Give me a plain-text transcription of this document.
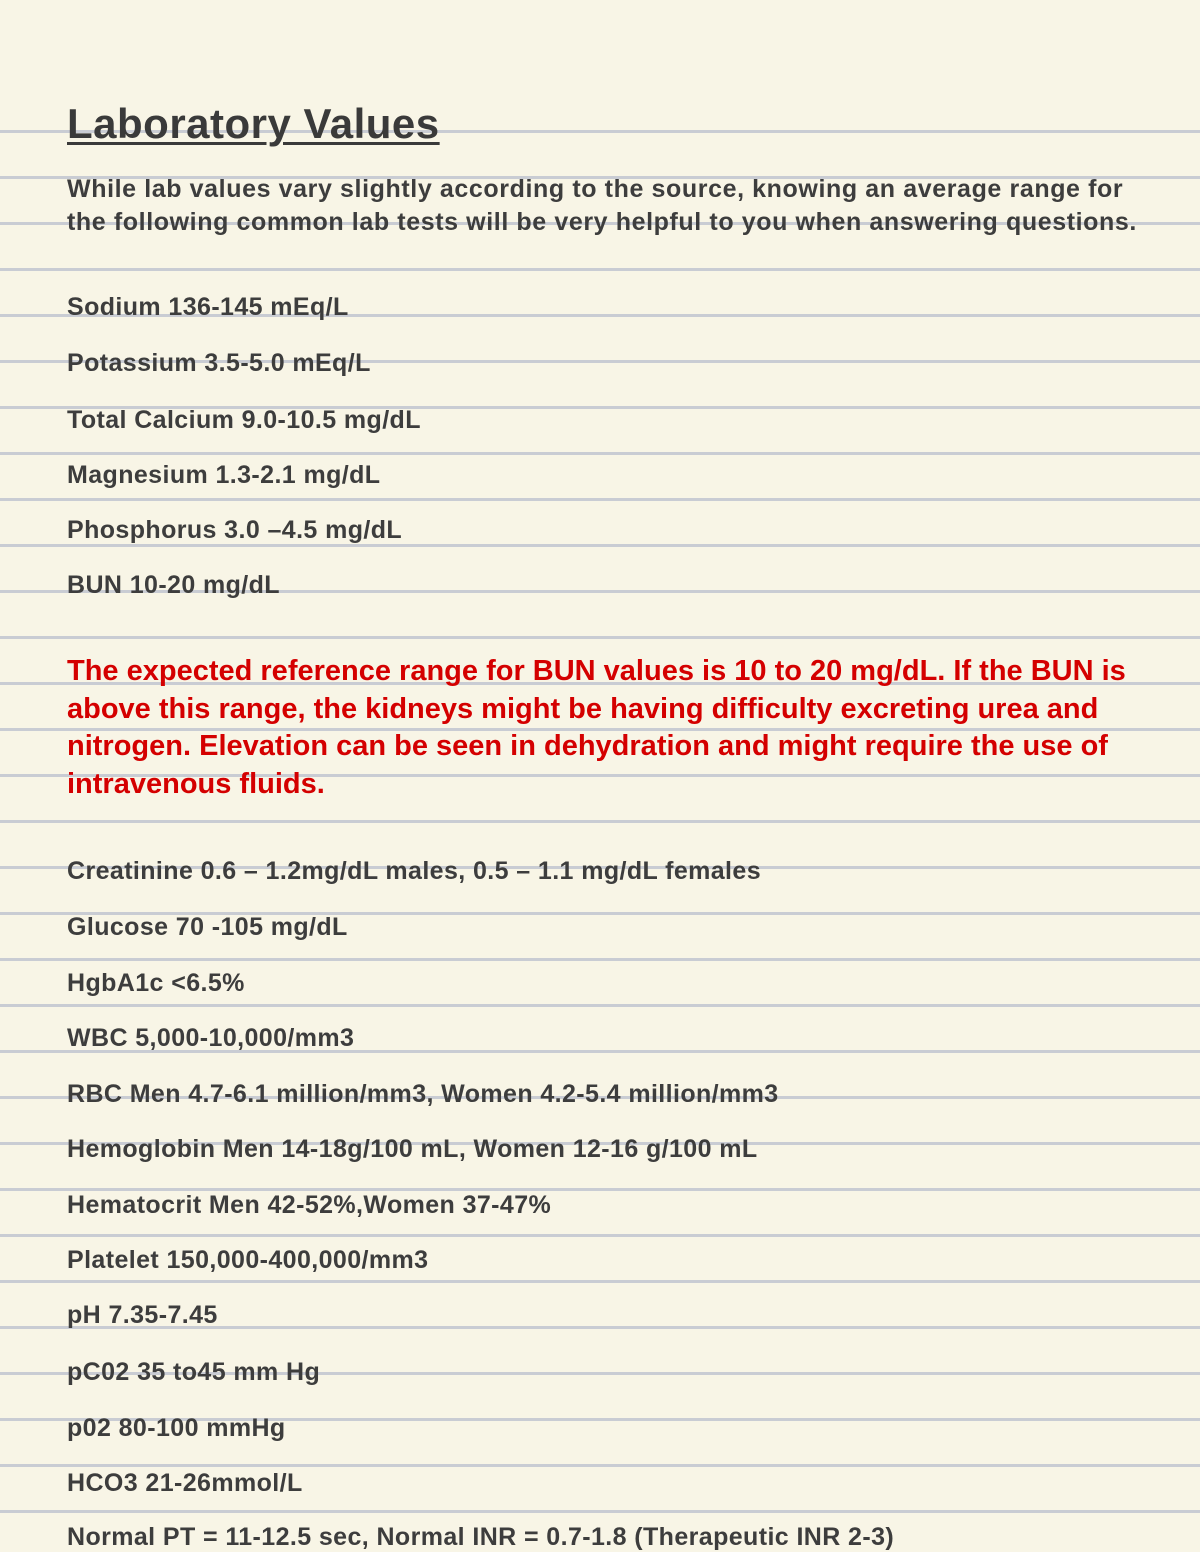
Laboratory Values

While lab values vary slightly according to the source, knowing an average range for the following common lab tests will be very helpful to you when answering questions.

Sodium 136-145 mEq/L

Potassium 3.5-5.0 mEq/L

Total Calcium 9.0-10.5 mg/dL

Magnesium 1.3-2.1 mg/dL

Phosphorus 3.0 –4.5 mg/dL

BUN 10-20 mg/dL

The expected reference range for BUN values is 10 to 20 mg/dL. If the BUN is above this range, the kidneys might be having difficulty excreting urea and nitrogen. Elevation can be seen in dehydration and might require the use of intravenous fluids.

Creatinine 0.6 – 1.2mg/dL males, 0.5 – 1.1 mg/dL females

Glucose 70 -105 mg/dL

HgbA1c <6.5%

WBC 5,000-10,000/mm3

RBC Men 4.7-6.1 million/mm3, Women 4.2-5.4 million/mm3

Hemoglobin Men 14-18g/100 mL, Women 12-16 g/100 mL

Hematocrit Men 42-52%,Women 37-47%

Platelet 150,000-400,000/mm3

pH 7.35-7.45

pC02 35 to45 mm Hg

p02 80-100 mmHg

HCO3 21-26mmol/L

Normal PT = 11-12.5 sec, Normal INR = 0.7-1.8 (Therapeutic INR 2-3)
